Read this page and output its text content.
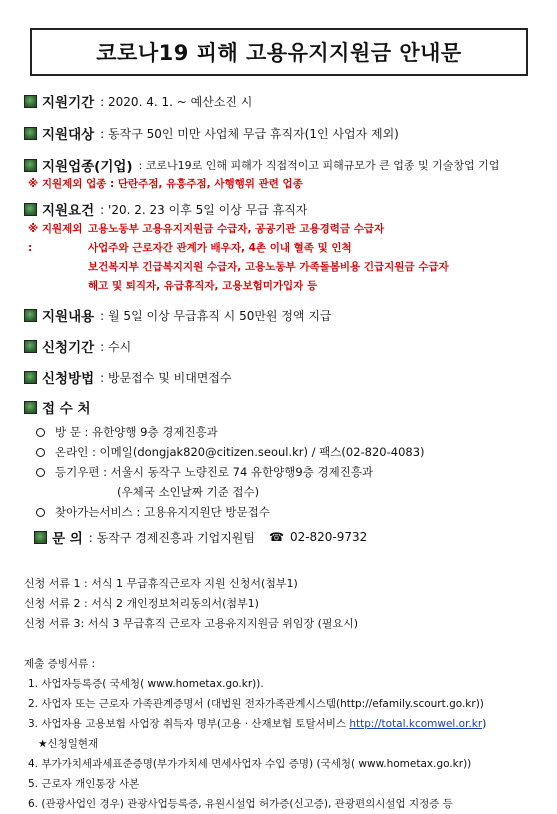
코로나19 피해 고용유지지원금 안내문
지원기간 : 2020. 4. 1. ~ 예산소진 시
지원대상 : 동작구 50인 미만 사업체 무급 휴직자(1인 사업자 제외)
지원업종(기업) : 코로나19로 인해 피해가 직접적이고 피해규모가 큰 업종 및 기술창업 기업
※ 지원제외 업종 : 단란주점, 유흥주점, 사행행위 관련 업종
지원요건 : '20. 2. 23 이후 5일 이상 무급 휴직자
※ 지원제외 :
고용노동부 고용유지지원금 수급자, 공공기관 고용경력금 수급자
사업주와 근로자간 관계가 배우자, 4촌 이내 혈족 및 인척
보건복지부 긴급복지지원 수급자, 고용노동부 가족돌봄비용 긴급지원금 수급자
해고 및 퇴직자, 유급휴직자, 고용보험미가입자 등
지원내용 : 월 5일 이상 무급휴직 시 50만원 정액 지급
신청기간 : 수시
신청방법 : 방문접수 및 비대면접수
접 수 처
방 문 : 유한양행 9층 경제진흥과
온라인 : 이메일(dongjak820@citizen.seoul.kr) / 팩스(02-820-4083)
등기우편 : 서울시 동작구 노량진로 74 유한양행9층 경제진흥과
(우체국 소인날짜 기준 접수)
찾아가는서비스 : 고용유지지원단 방문접수
문 의 : 동작구 경제진흥과 기업지원팀 ☎ 02-820-9732
신청 서류 1 : 서식 1 무급휴직근로자 지원 신청서(첨부1)
신청 서류 2 : 서식 2 개인정보처리동의서(첨부1)
신청 서류 3: 서식 3 무급휴직 근로자 고용유지지원금 위임장 (필요시)
제출 증빙서류 :
1. 사업자등록증( 국세청( www.hometax.go.kr)).
2. 사업자 또는 근로자 가족관계증명서 (대법원 전자가족관계시스템(http://efamily.scourt.go.kr))
3. 사업자용 고용보험 사업장 취득자 명부(고용 · 산재보험 토탈서비스 http://total.kcomwel.or.kr)
★신청일현재
4. 부가가치세과세표준증명(부가가치세 면세사업자 수입 증명) (국세청( www.hometax.go.kr))
5. 근로자 개인통장 사본
6. (관광사업인 경우) 관광사업등록증, 유원시설업 허가증(신고증), 관광편의시설업 지정증 등
